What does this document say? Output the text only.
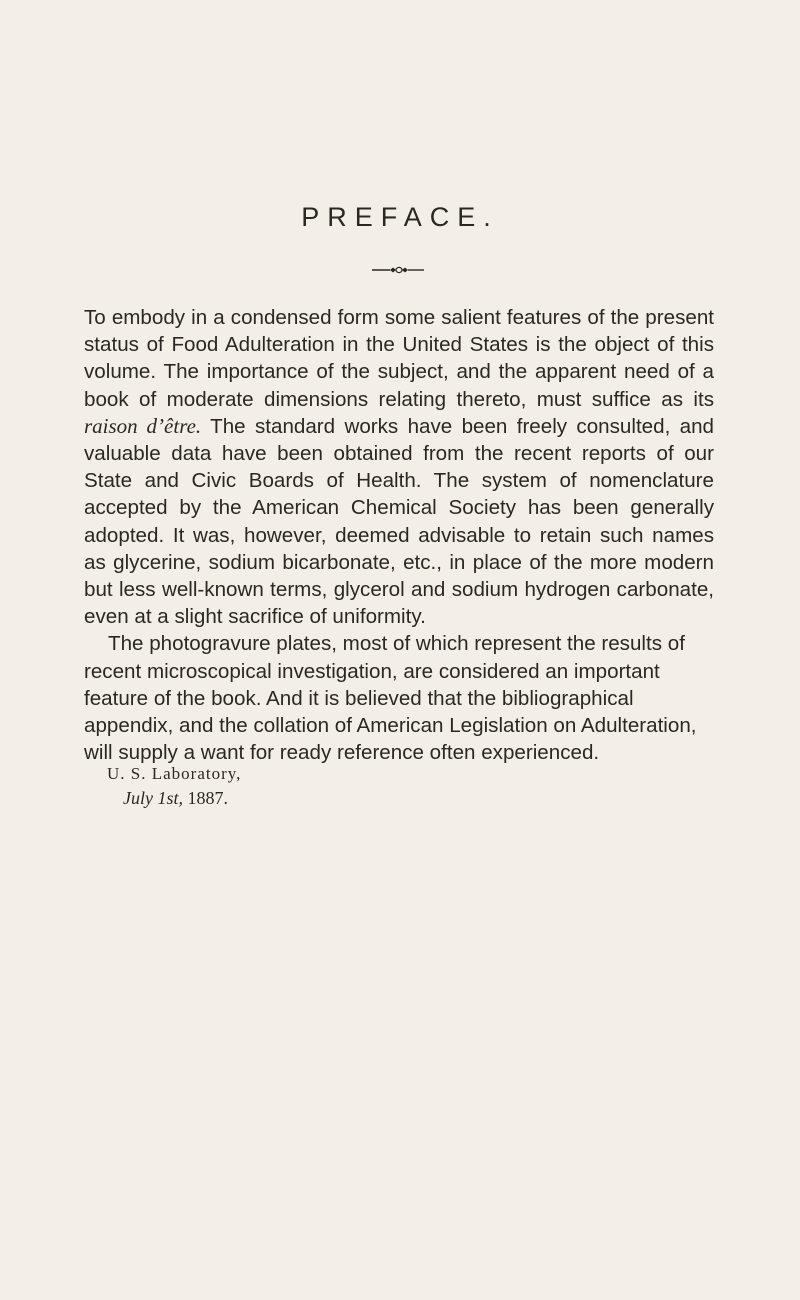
PREFACE.

To embody in a condensed form some salient features of the present status of Food Adulteration in the United States is the object of this volume. The importance of the subject, and the apparent need of a book of moderate dimensions relating thereto, must suffice as its raison d’être. The standard works have been freely consulted, and valuable data have been obtained from the recent reports of our State and Civic Boards of Health. The system of nomenclature accepted by the American Chemical Society has been generally adopted. It was, however, deemed advisable to retain such names as glycerine, sodium bicarbonate, etc., in place of the more modern but less well-known terms, glycerol and sodium hydrogen carbonate, even at a slight sacrifice of uniformity.

The photogravure plates, most of which represent the results of recent microscopical investigation, are considered an important feature of the book. And it is believed that the bibliographical appendix, and the collation of American Legislation on Adulteration, will supply a want for ready reference often experienced.

U. S. Laboratory,
July 1st, 1887.
